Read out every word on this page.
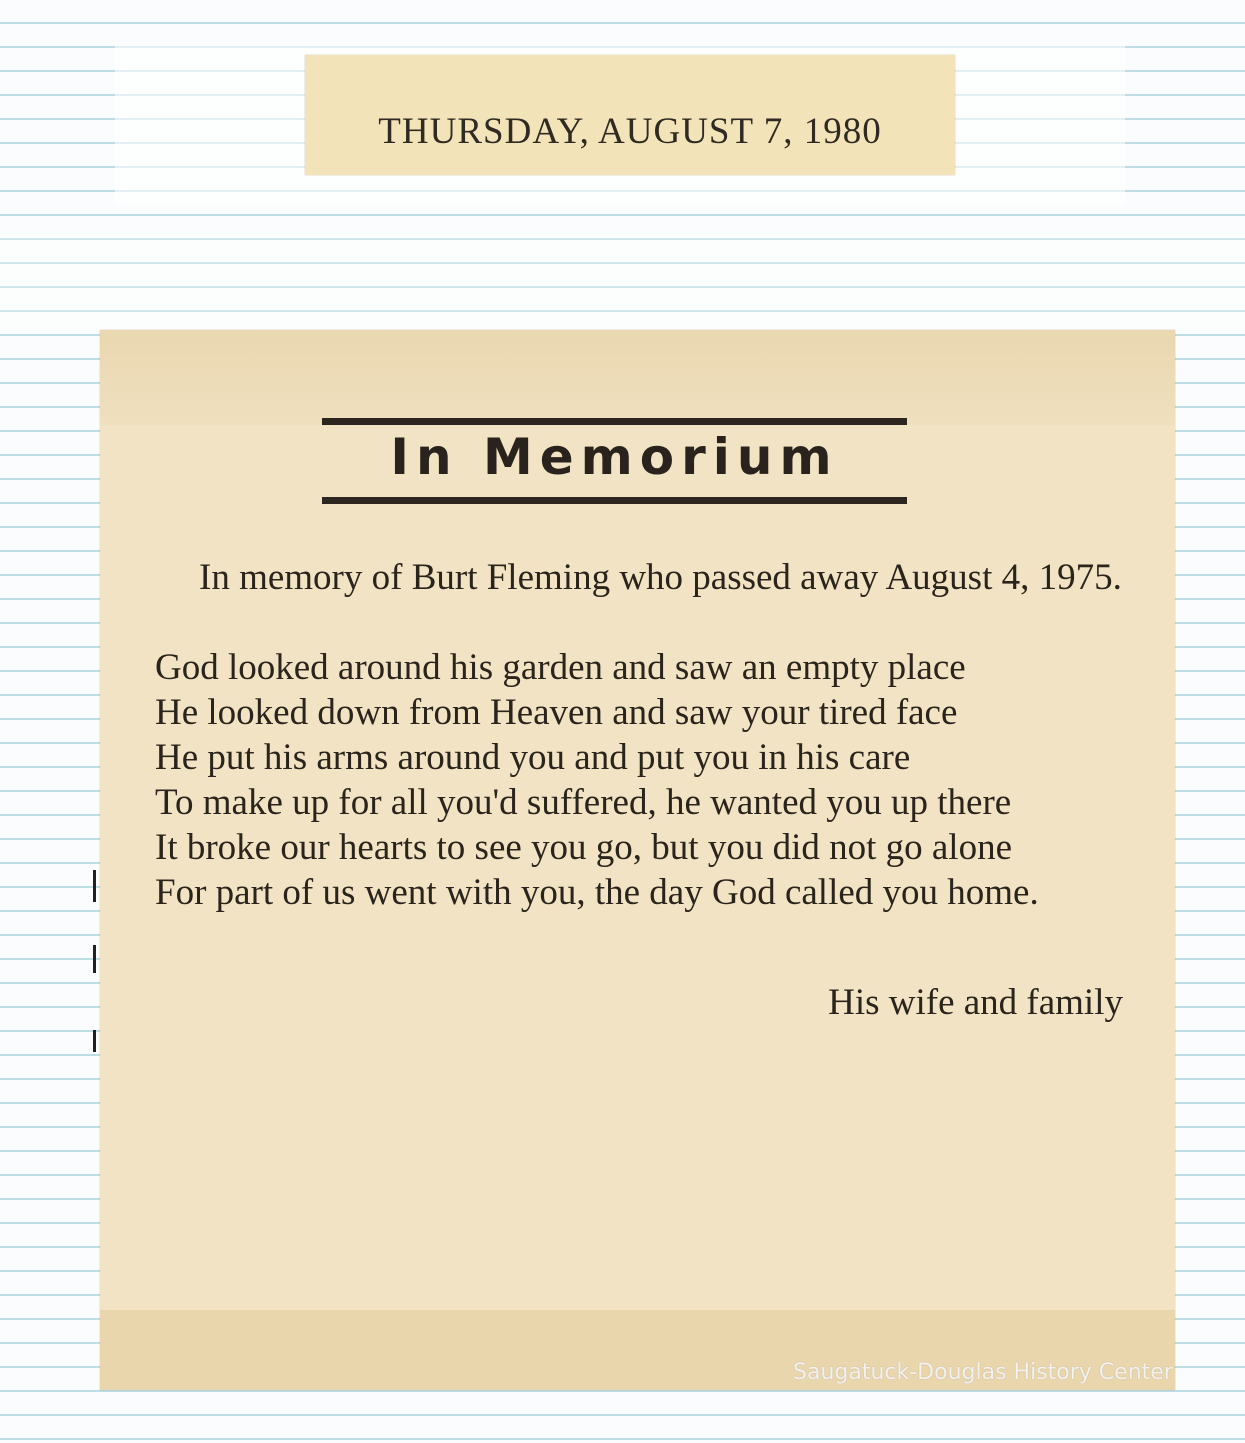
THURSDAY, AUGUST 7, 1980
In Memorium

In memory of Burt Fleming who passed away August 4, 1975.

God looked around his garden and saw an empty place

He looked down from Heaven and saw your tired face

He put his arms around you and put you in his care

To make up for all you'd suffered, he wanted you up there

It broke our hearts to see you go, but you did not go alone

For part of us went with you, the day God called you home.

His wife and family

Saugatuck-Douglas History Center
